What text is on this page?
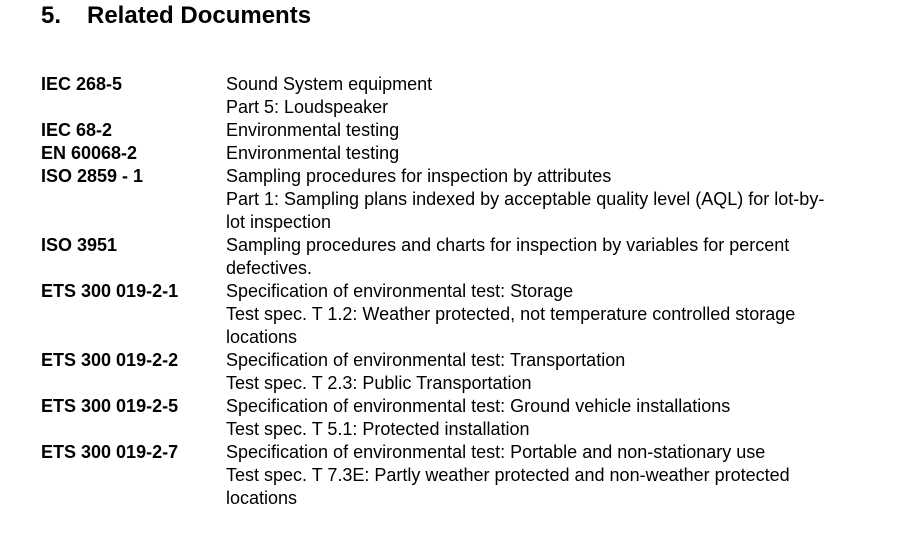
5. Related Documents
IEC 268-5	Sound System equipment
Part 5: Loudspeaker
IEC 68-2	Environmental testing
EN 60068-2	Environmental testing
ISO 2859 - 1	Sampling procedures for inspection by attributes
Part 1: Sampling plans indexed by acceptable quality level (AQL) for lot-by-
lot inspection
ISO 3951	Sampling procedures and charts for inspection by variables for percent
defectives.
ETS 300 019-2-1	Specification of environmental test: Storage
Test spec. T 1.2: Weather protected, not temperature controlled storage
locations
ETS 300 019-2-2	Specification of environmental test: Transportation
Test spec. T 2.3: Public Transportation
ETS 300 019-2-5	Specification of environmental test: Ground vehicle installations
Test spec. T 5.1: Protected installation
ETS 300 019-2-7	Specification of environmental test: Portable and non-stationary use
Test spec. T 7.3E: Partly weather protected and non-weather protected
locations
